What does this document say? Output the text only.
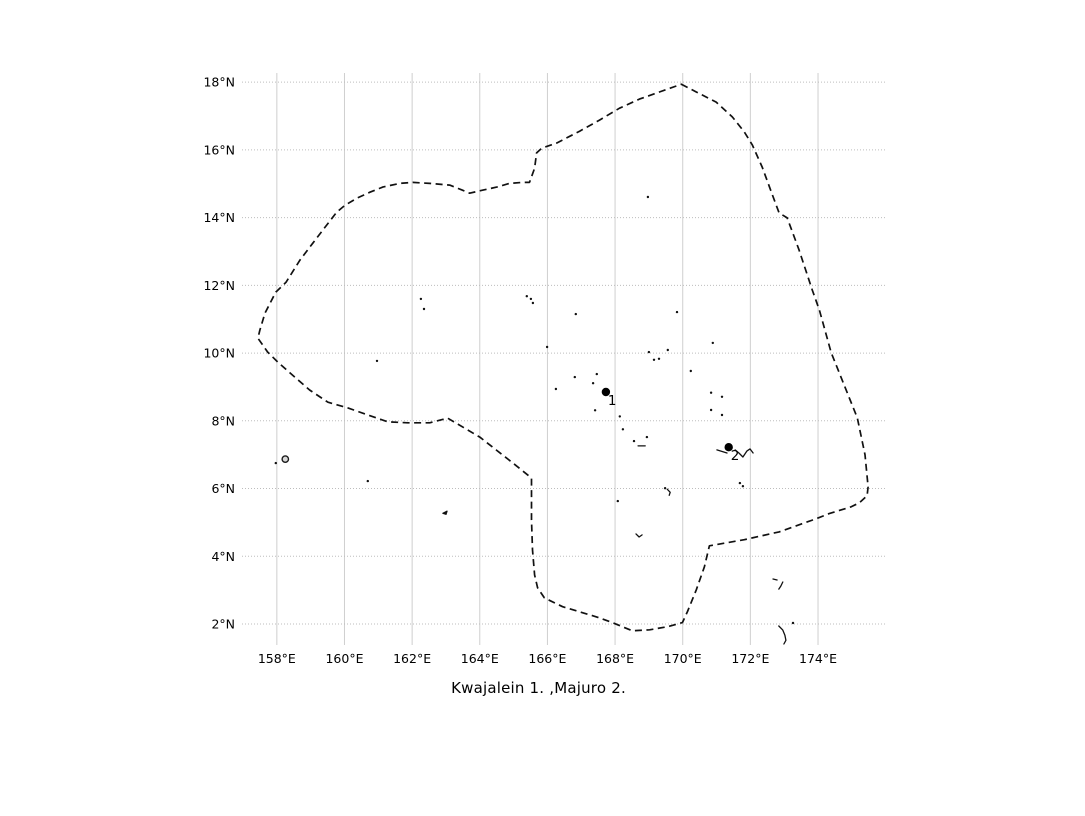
158°E 160°E 162°E 164°E 166°E 168°E 170°E 172°E 174°E
18°N
16°N
14°N
12°N
10°N
8°N
6°N
4°N
2°N
1
2
Kwajalein 1. ,Majuro 2.
